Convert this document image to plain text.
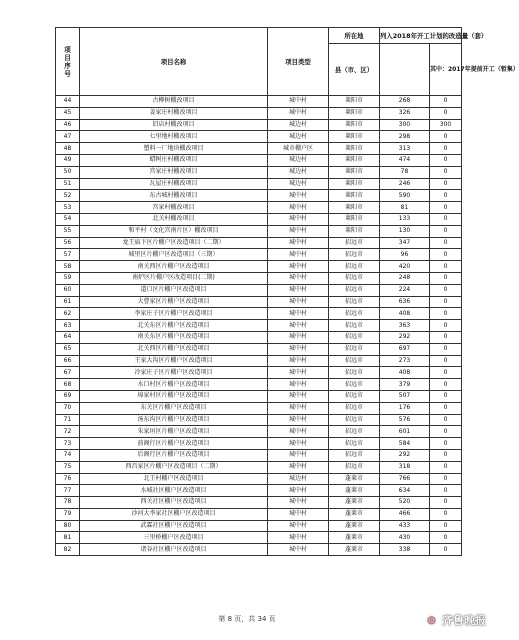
项目序号	项目名称	项目类型	所在地	列入2018年开工计划的改造量（套）	
			县（市、区）		其中：2017年提前开工（暂集）

44	古柳树棚改项目	城中村	莱阳市	268	0
45	姜家庄村棚改项目	城中村	莱阳市	326	0
46	旧店村棚改项目	城边村	莱阳市	300	300
47	七里地村棚改项目	城边村	莱阳市	298	0
48	塑料一厂地块棚改项目	城市棚户区	莱阳市	313	0
49	蜡树庄村棚改项目	城边村	莱阳市	474	0
50	宫家庄村棚改项目	城边村	莱阳市	78	0
51	瓦屋庄村棚改项目	城边村	莱阳市	246	0
52	东古城村棚改项目	城中村	莱阳市	590	0
53	宫家村棚改项目	城中村	莱阳市	81	0
54	北关村棚改项目	城中村	莱阳市	133	0
55	和平村（文化宫南片区）棚改项目	城中村	莱阳市	130	0
56	龙王庙下区片棚户区改造项目（二期）	城中村	招远市	347	0
57	城里区片棚户区改造项目（三期）	城中村	招远市	96	0
58	南关西区片棚户区改造项目	城中村	招远市	420	0
59	南炉区片棚户区改造项目(二期)	城中村	招远市	248	0
60	道口区片棚户区改造项目	城中村	招远市	224	0
61	大曹家区片棚户区改造项目	城中村	招远市	636	0
62	李家庄子区片棚户区改造项目	城中村	招远市	408	0
63	北关东区片棚户区改造项目	城中村	招远市	363	0
64	南关东区片棚户区改造项目	城中村	招远市	292	0
65	北关西区片棚户区改造项目	城中村	招远市	697	0
66	王家大沟区片棚户区改造项目	城中村	招远市	273	0
67	冷家庄子区片棚户区改造项目	城中村	招远市	408	0
68	水口村区片棚户区改造项目	城中村	招远市	379	0
69	埠家村区片棚户区改造项目	城中村	招远市	507	0
70	东关区片棚户区改造项目	城中村	招远市	176	0
71	汤东沟区片棚户区改造项目	城中村	招远市	576	0
72	朱家垣区片棚户区改造项目	城中村	招远市	601	0
73	前阁行区片棚户区改造项目	城中村	招远市	584	0
74	后阁行区片棚户区改造项目	城中村	招远市	292	0
75	西昌家区片棚户区改造项目（二期）	城中村	招远市	318	0
76	北王村棚户区改造项目	城边村	蓬莱市	766	0
77	水城社区棚户区改造项目	城中村	蓬莱市	634	0
78	西关社区棚户区改造项目	城中村	蓬莱市	520	0
79	沙河大李家社区棚户区改造项目	城中村	蓬莱市	466	0
80	武霖社区棚户区改造项目	城中村	蓬莱市	433	0
81	三里桥棚户区改造项目	城中村	蓬莱市	430	0
82	诸谷社区棚户区改造项目	城中村	蓬莱市	338	0
第 8 页，共 34 页	◎ 齐鲁晚报
